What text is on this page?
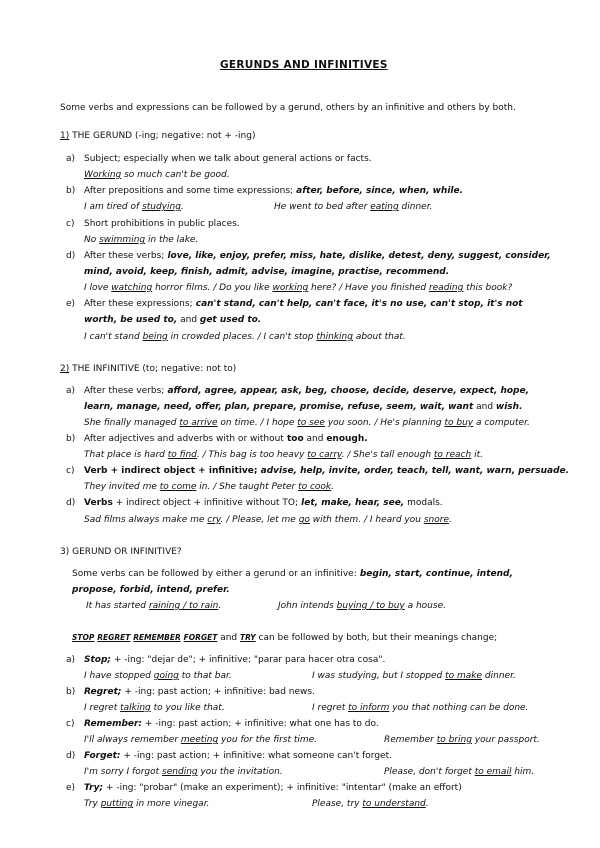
GERUNDS AND INFINITIVES
Some verbs and expressions can be followed by a gerund, others by an infinitive and others by both.
1) THE GERUND (-ing; negative: not + -ing)
a) Subject; especially when we talk about general actions or facts.
Working so much can't be good.
b) After prepositions and some time expressions; after, before, since, when, while.
I am tired of studying.	He went to bed after eating dinner.
c) Short prohibitions in public places.
No swimming in the lake.
d) After these verbs; love, like, enjoy, prefer, miss, hate, dislike, detest, deny, suggest, consider,
mind, avoid, keep, finish, admit, advise, imagine, practise, recommend.
I love watching horror films. / Do you like working here? / Have you finished reading this book?
e) After these expressions; can't stand, can't help, can't face, it's no use, can't stop, it's not
worth, be used to, and get used to.
I can't stand being in crowded places. / I can't stop thinking about that.
2) THE INFINITIVE (to; negative: not to)
a) After these verbs; afford, agree, appear, ask, beg, choose, decide, deserve, expect, hope,
learn, manage, need, offer, plan, prepare, promise, refuse, seem, wait, want and wish.
She finally managed to arrive on time. / I hope to see you soon. / He's planning to buy a computer.
b) After adjectives and adverbs with or without too and enough.
That place is hard to find. / This bag is too heavy to carry. / She's tall enough to reach it.
c) Verb + indirect object + infinitive; advise, help, invite, order, teach, tell, want, warn, persuade.
They invited me to come in. / She taught Peter to cook.
d) Verbs + indirect object + infinitive without TO; let, make, hear, see, modals.
Sad films always make me cry. / Please, let me go with them. / I heard you snore.
3) GERUND OR INFINITIVE?
Some verbs can be followed by either a gerund or an infinitive: begin, start, continue, intend,
propose, forbid, intend, prefer.
It has started raining / to rain.	John intends buying / to buy a house.
STOP REGRET REMEMBER FORGET and TRY can be followed by both, but their meanings change;
a) Stop; + -ing: "dejar de"; + infinitive: "parar para hacer otra cosa".
I have stopped going to that bar.	I was studying, but I stopped to make dinner.
b) Regret; + -ing: past action; + infinitive: bad news.
I regret talking to you like that.	I regret to inform you that nothing can be done.
c) Remember: + -ing: past action; + infinitive: what one has to do.
I'll always remember meeting you for the first time.	Remember to bring your passport.
d) Forget: + -ing: past action; + infinitive: what someone can't forget.
I'm sorry I forgot sending you the invitation.	Please, don't forget to email him.
e) Try; + -ing: "probar" (make an experiment); + infinitive: "intentar" (make an effort)
Try putting in more vinegar.	Please, try to understand.
